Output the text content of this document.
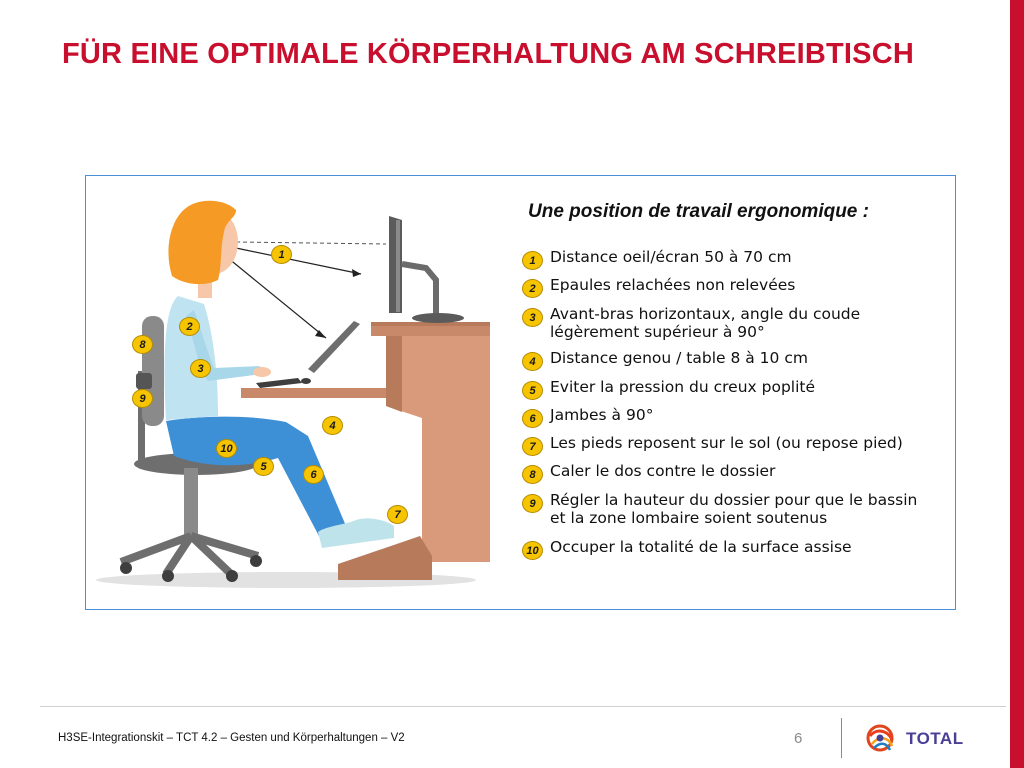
FÜR EINE OPTIMALE KÖRPERHALTUNG AM SCHREIBTISCH
1
2
3
4
5
6
7
8
9
10
Une position de travail ergonomique :
1 Distance oeil/écran 50 à 70 cm
2 Epaules relachées non relevées
3 Avant-bras horizontaux, angle du coude
légèrement supérieur à 90°
4 Distance genou / table 8 à 10 cm
5 Eviter la pression du creux poplité
6 Jambes à 90°
7 Les pieds reposent sur le sol (ou repose pied)
8 Caler le dos contre le dossier
9 Régler la hauteur du dossier pour que le bassin
et la zone lombaire soient soutenus
10 Occuper la totalité de la surface assise
H3SE-Integrationskit – TCT 4.2 – Gesten und Körperhaltungen – V2	6	TOTAL
